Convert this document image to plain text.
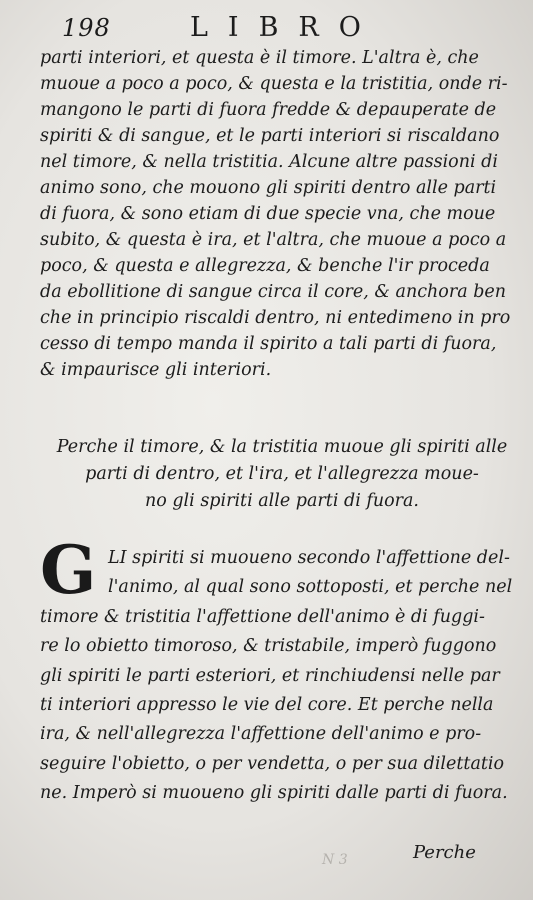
198	LIBRO
parti interiori, et questa è il timore. L'altra è, che
muoue a poco a poco, & questa e la tristitia, onde ri-
mangono le parti di fuora fredde & depauperate de
spiriti & di sangue, et le parti interiori si riscaldano
nel timore, & nella tristitia. Alcune altre passioni di
animo sono, che mouono gli spiriti dentro alle parti
di fuora, & sono etiam di due specie vna, che moue
subito, & questa è ira, et l'altra, che muoue a poco a
poco, & questa e allegrezza, & benche l'ir proceda
da ebollitione di sangue circa il core, & anchora ben
che in principio riscaldi dentro, ni entedimeno in pro
cesso di tempo manda il spirito a tali parti di fuora,
& impaurisce gli interiori.
Perche il timore, & la tristitia muoue gli spiriti alle
parti di dentro, et l'ira, et l'allegrezza moue-
no gli spiriti alle parti di fuora.
G LI spiriti si muoueno secondo l'affettione del-
l'animo, al qual sono sottoposti, et perche nel
timore & tristitia l'affettione dell'animo è di fuggi-
re lo obietto timoroso, & tristabile, imperò fuggono
gli spiriti le parti esteriori, et rinchiudensi nelle par
ti interiori appresso le vie del core. Et perche nella
ira, & nell'allegrezza l'affettione dell'animo e pro-
seguire l'obietto, o per vendetta, o per sua dilettatio
ne. Imperò si muoueno gli spiriti dalle parti di fuora.
N 3	Perche
